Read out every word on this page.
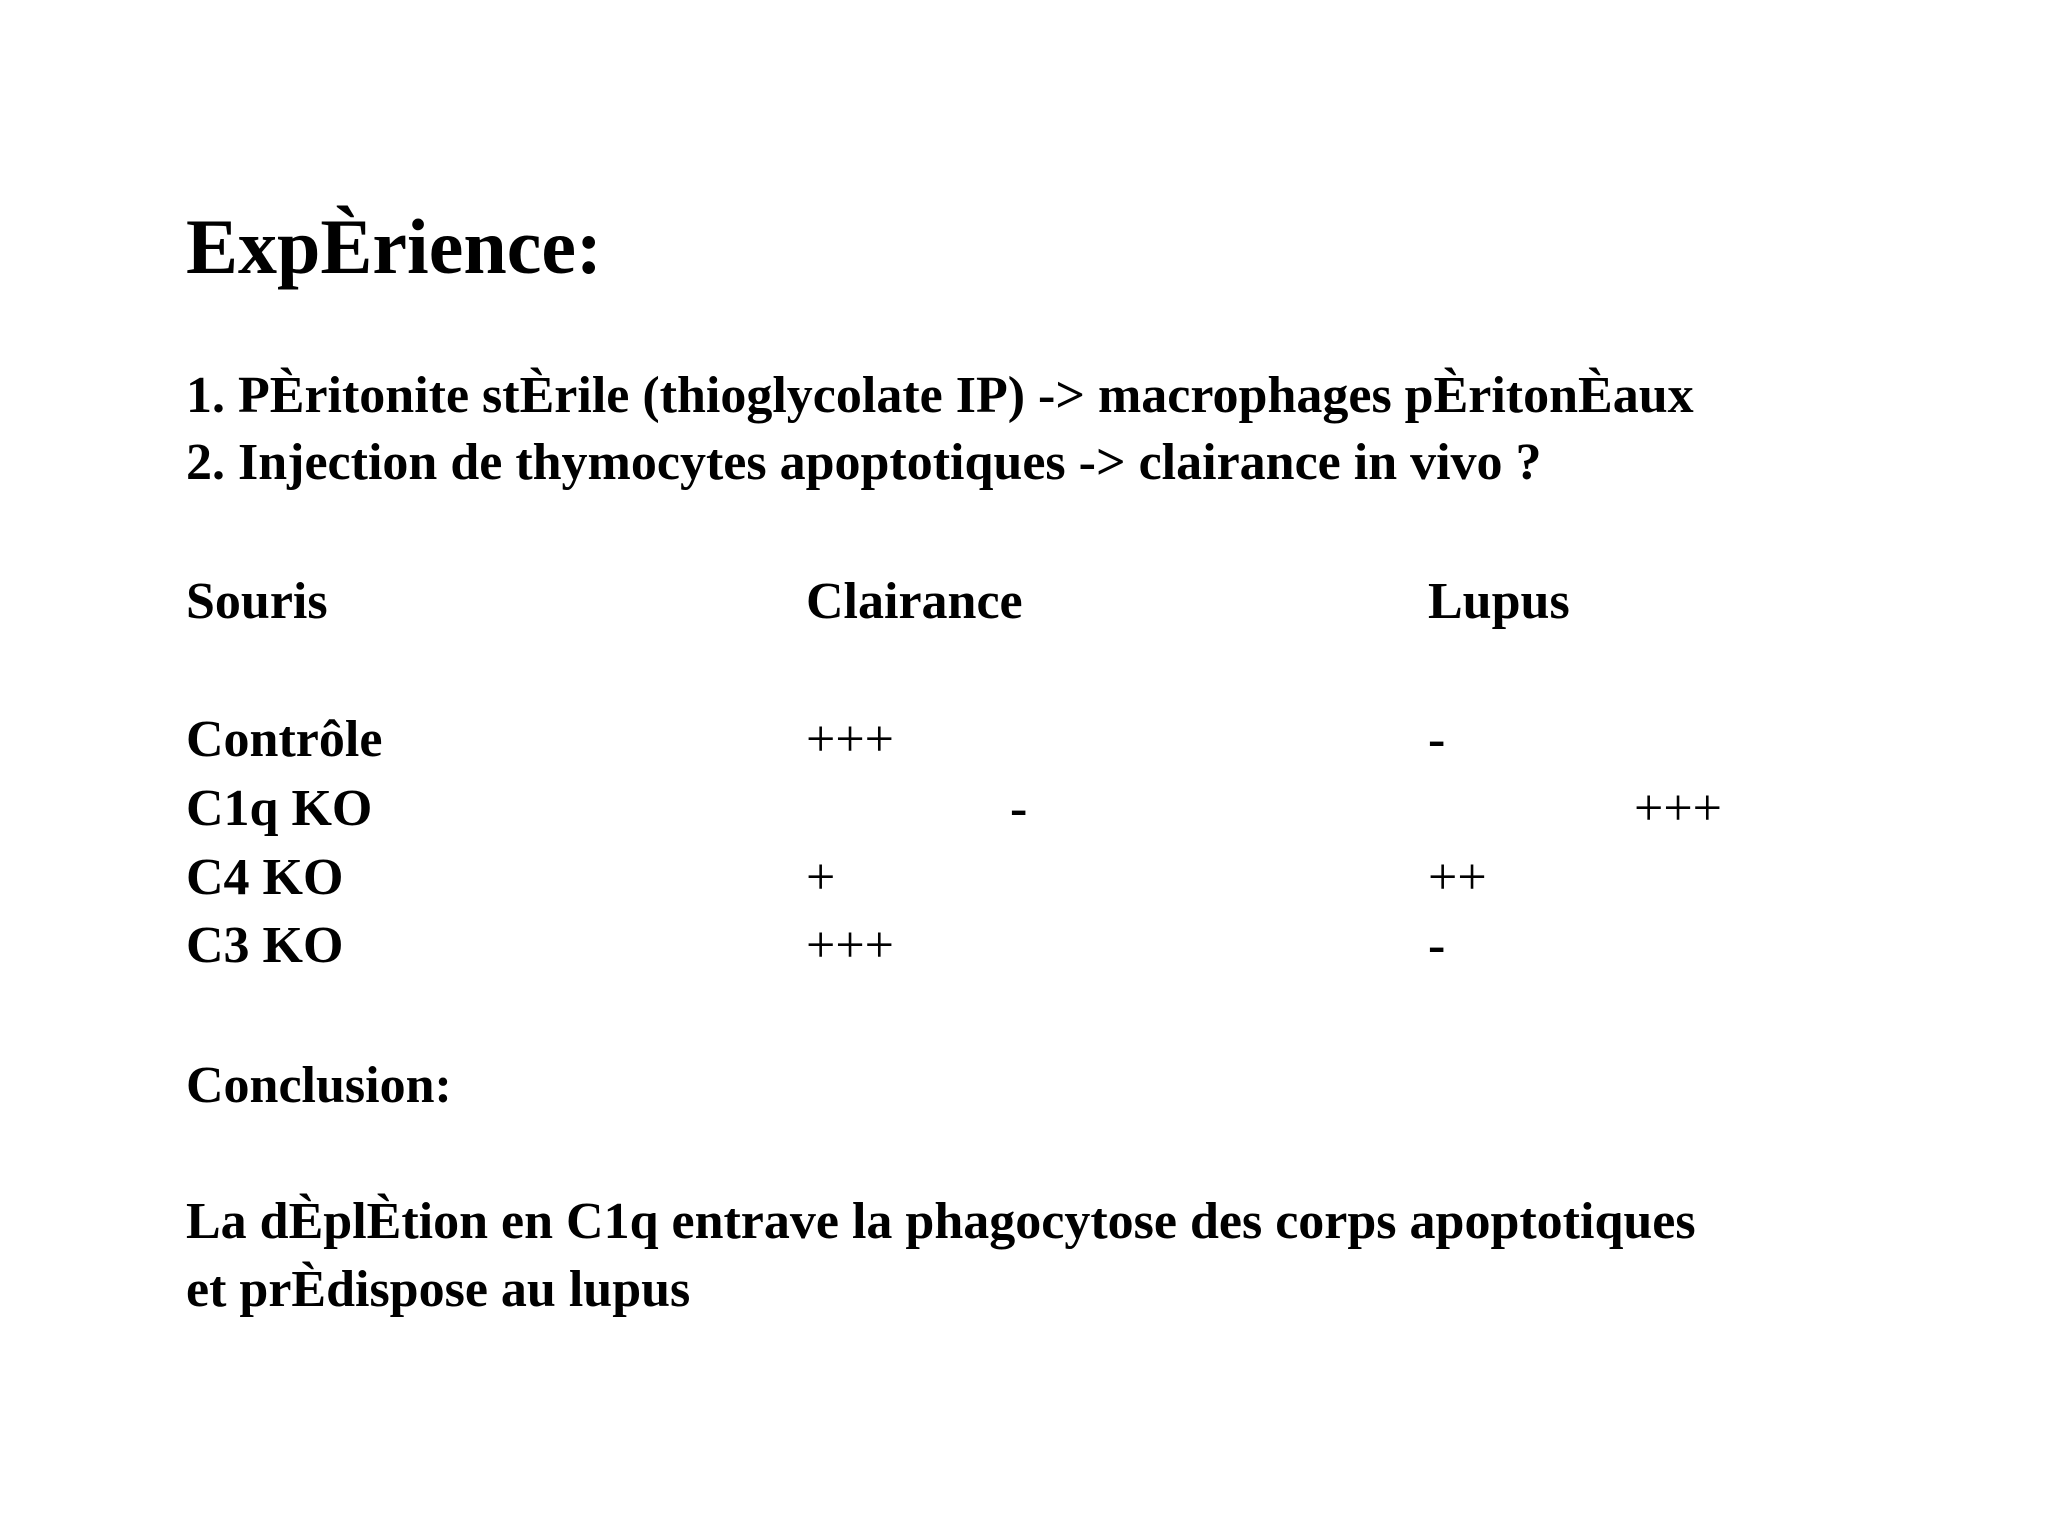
ExpÈrience:
1. PÈritonite stÈrile (thioglycolate IP) -> macrophages pÈritonÈaux
2. Injection de thymocytes apoptotiques -> clairance in vivo ?
Souris	Clairance	Lupus
Contrôle	+++	-
C1q KO	-	+++
C4 KO	+	++
C3 KO	+++	-
Conclusion:
La dÈplÈtion en C1q entrave la phagocytose des corps apoptotiques
et prÈdispose au lupus
